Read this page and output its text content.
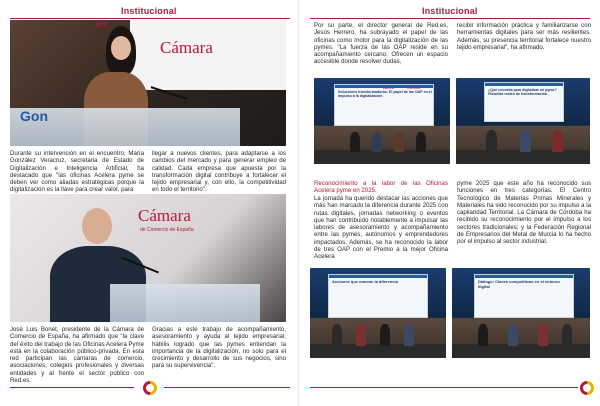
Institucional
Cámara
KIT
Gon
Durante su intervención en el encuentro, María González Veracruz, secretaria de Estado de Digitalización e Inteligencia Artificial, ha destacado que "las oficinas Acelera pyme se deben ver como aliadas estratégicas porque la digitalización es la llave para crear valor, para
llegar a nuevos clientes, para adaptarse a los cambios del mercado y para generar empleo de calidad. Cada empresa que apuesta por la transformación digital contribuye a fortalecer el tejido empresarial y, con ello, la competitividad en todo el territorio".
Cámara
de Comercio de España
José Luis Bonet, presidente de la Cámara de Comercio de España, ha afirmado que "la clave del éxito del trabajo de las Oficinas Acelera Pyme está en la colaboración público-privada. En esta red participan las cámaras de comercio, asociaciones, colegios profesionales y diversas entidades y al frente el sector público con Red.es.
Gracias a este trabajo de acompañamiento, asesoramiento y ayuda al tejido empresarial, hábilis logrado que las pymes entiendan la importancia de la digitalización, no solo para el crecimiento y desarrollo de sus negocios, sino para su supervivencia".
Institucional
Por su parte, el director general de Red.es, Jesús Herrero, ha subrayado el papel de las oficinas como motor para la digitalización de las pymes. "La fuerza de las OAP reside en su acompañamiento cercano. Ofrecen un espacio accesible donde resolver dudas,
recibir información práctica y familiarizarse con herramientas digitales para ser más resilientes. Además, su presencia territorial fortalece nuestro tejido empresarial", ha afirmado.
Soluciones transformadoras: El papel de las OAP en el impulso a la digitalización
red.es	Cámara	¿Qué necesita para digitalizar mi pyme? Historias reales de transformación
Reconocimiento a la labor de las Oficinas Acelera pyme en 2025.
La jornada ha querido destacar las acciones que más han marcado la diferencia durante 2025 con rutas digitales, jornadas networking o eventos que han contribuido notablemente a impulsar las labores de asesoramiento y acompañamiento entre las pymes, autónomos y emprendedores impactados. Además, se ha reconocido la labor de tres OAP con el Premio a la mejor Oficina Acelera
pyme 2025 que este año ha reconocido sus funciones en tres categorías. El Centro Tecnológico de Materias Primas Minerales y Materiales ha sido reconocido por su impulso a la capilaridad Territorial. La Cámara de Córdoba ha recibido su reconocimiento por el impulso a los sectores tradicionales; y la Federación Regional de Empresarios del Metal de Murcia lo ha hecho por el impulso al sector industrial.
Acciones que marcan la diferencia	Diálogo: Claves competitivas en el entorno digital
